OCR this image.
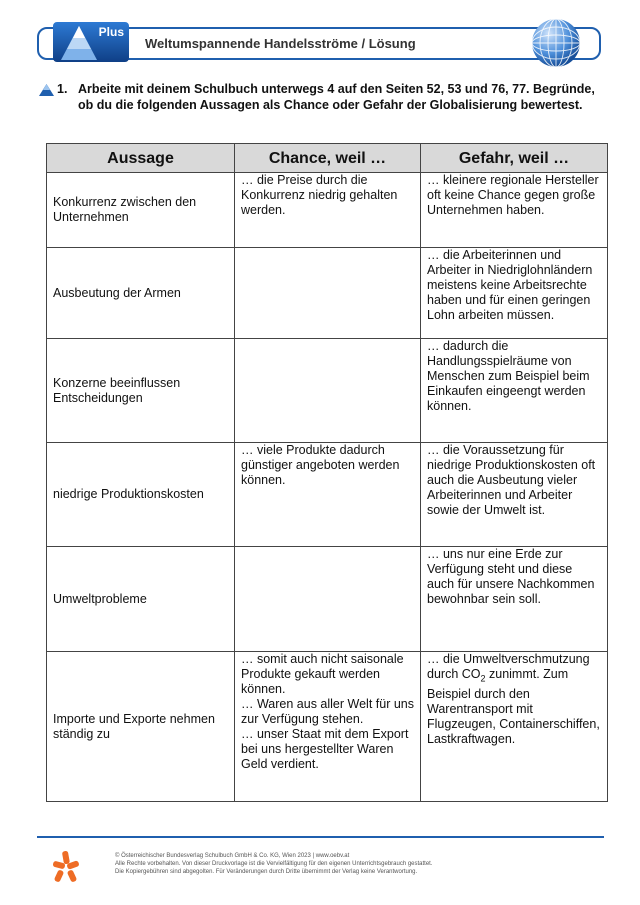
Plus
Weltumspannende Handelsströme / Lösung
1. Arbeite mit deinem Schulbuch unterwegs 4 auf den Seiten 52, 53 und 76, 77. Begründe, ob du die folgenden Aussagen als Chance oder Gefahr der Globalisierung bewertest.
Aussage	Chance, weil …	Gefahr, weil …
Konkurrenz zwischen den Unternehmen	… die Preise durch die Konkurrenz niedrig gehalten werden.	… kleinere regionale Hersteller oft keine Chance gegen große Unternehmen haben.
Ausbeutung der Armen		… die Arbeiterinnen und Arbeiter in Niedriglohnländern meistens keine Arbeitsrechte haben und für einen geringen Lohn arbeiten müssen.
Konzerne beeinflussen Entscheidungen		… dadurch die Handlungsspielräume von Menschen zum Beispiel beim Einkaufen eingeengt werden können.
niedrige Produktionskosten	… viele Produkte dadurch günstiger angeboten werden können.	… die Voraussetzung für niedrige Produktionskosten oft auch die Ausbeutung vieler Arbeiterinnen und Arbeiter sowie der Umwelt ist.
Umweltprobleme		… uns nur eine Erde zur Verfügung steht und diese auch für unsere Nachkommen bewohnbar sein soll.
Importe und Exporte nehmen ständig zu	… somit auch nicht saisonale Produkte gekauft werden können.
… Waren aus aller Welt für uns zur Verfügung stehen.
… unser Staat mit dem Export bei uns hergestellter Waren Geld verdient.	… die Umweltverschmutzung durch $CO_2$ zunimmt. Zum Beispiel durch den Warentransport mit Flugzeugen, Containerschiffen, Lastkraftwagen.
© Österreichischer Bundesverlag Schulbuch GmbH & Co. KG, Wien 2023 | www.oebv.at
Alle Rechte vorbehalten. Von dieser Druckvorlage ist die Vervielfältigung für den eigenen Unterrichtsgebrauch gestattet.
Die Kopiergebühren sind abgegolten. Für Veränderungen durch Dritte übernimmt der Verlag keine Verantwortung.
